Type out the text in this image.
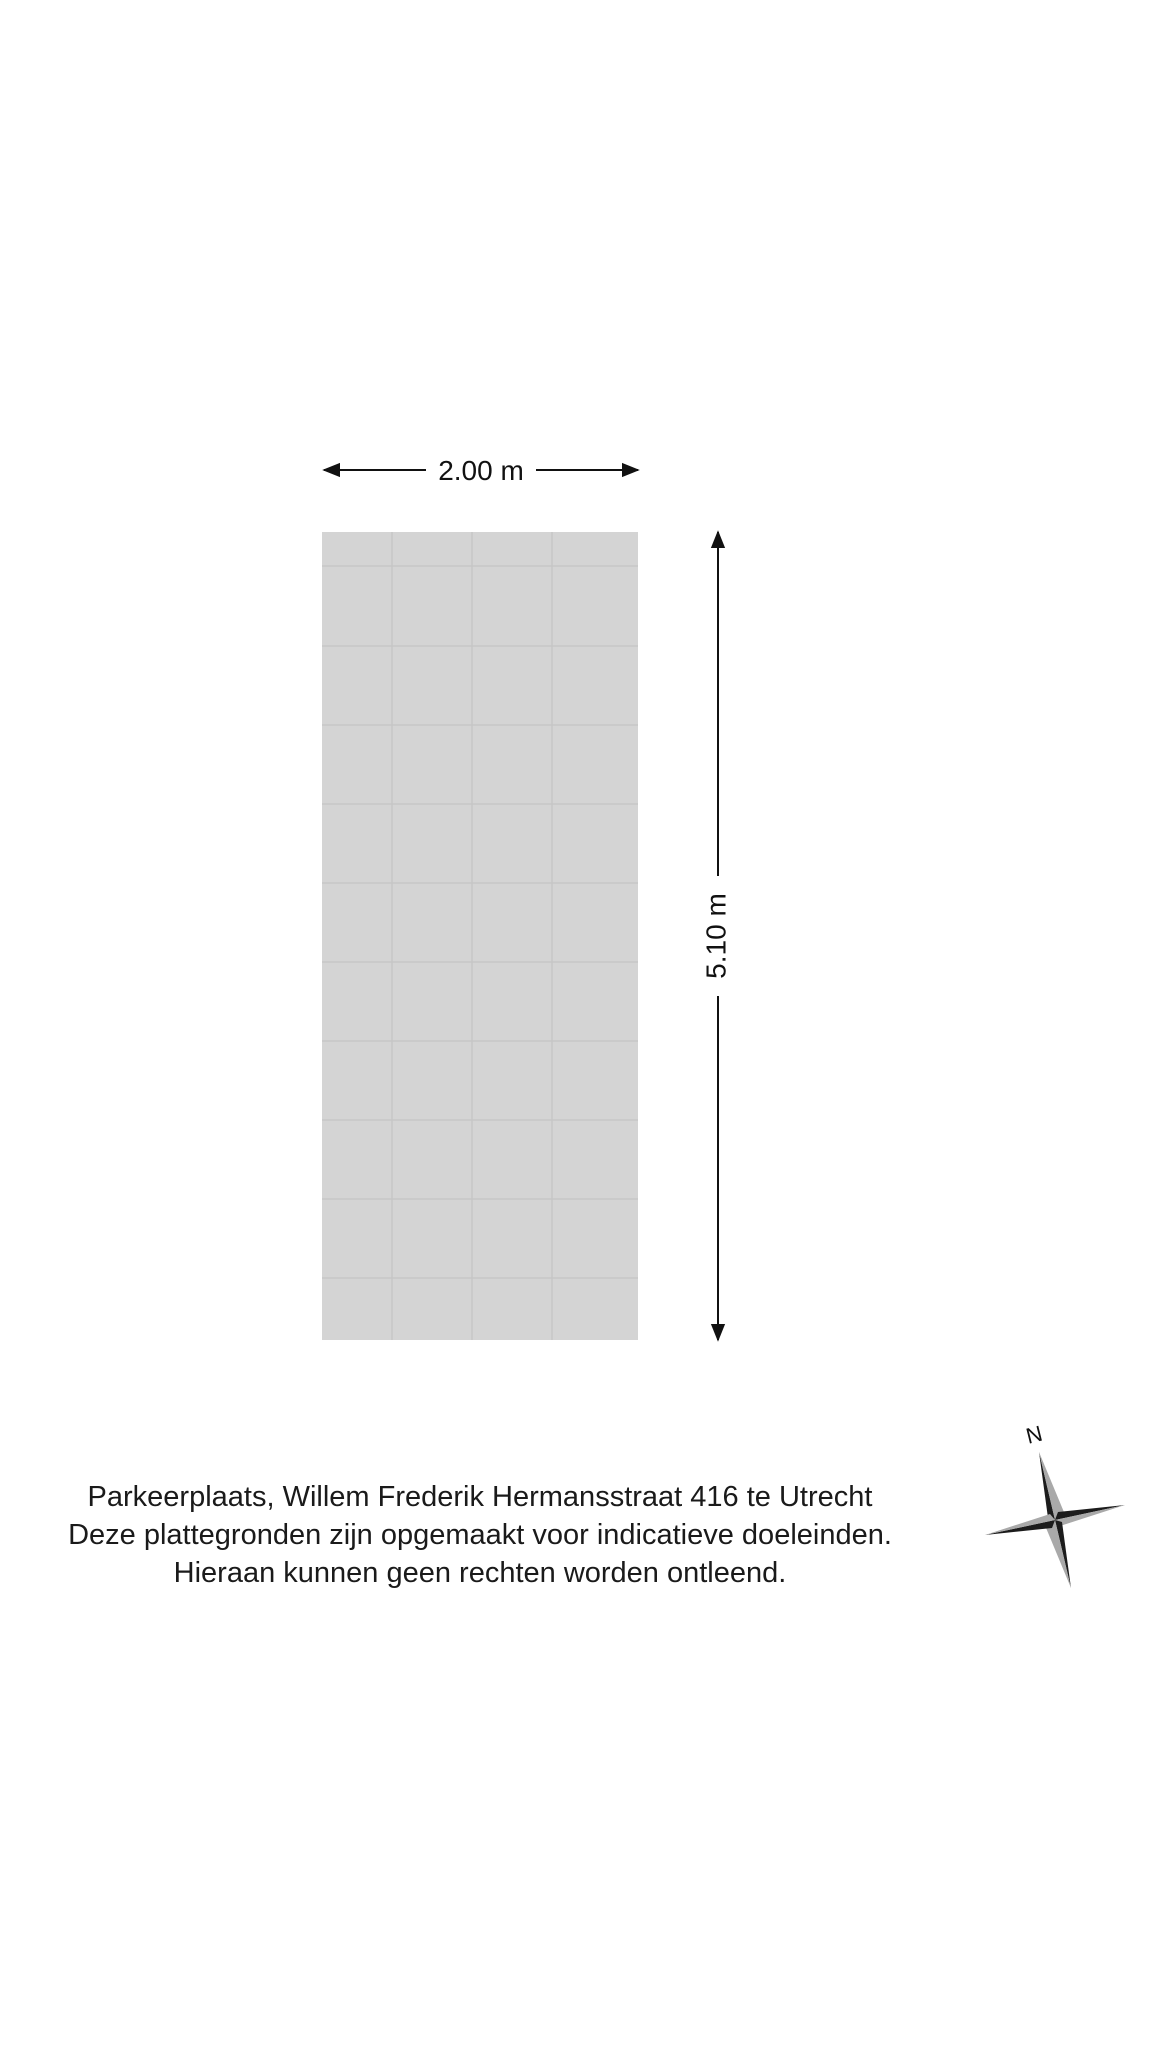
2.00 m
5.10 m
N
Parkeerplaats, Willem Frederik Hermansstraat 416 te Utrecht
Deze plattegronden zijn opgemaakt voor indicatieve doeleinden.
Hieraan kunnen geen rechten worden ontleend.
